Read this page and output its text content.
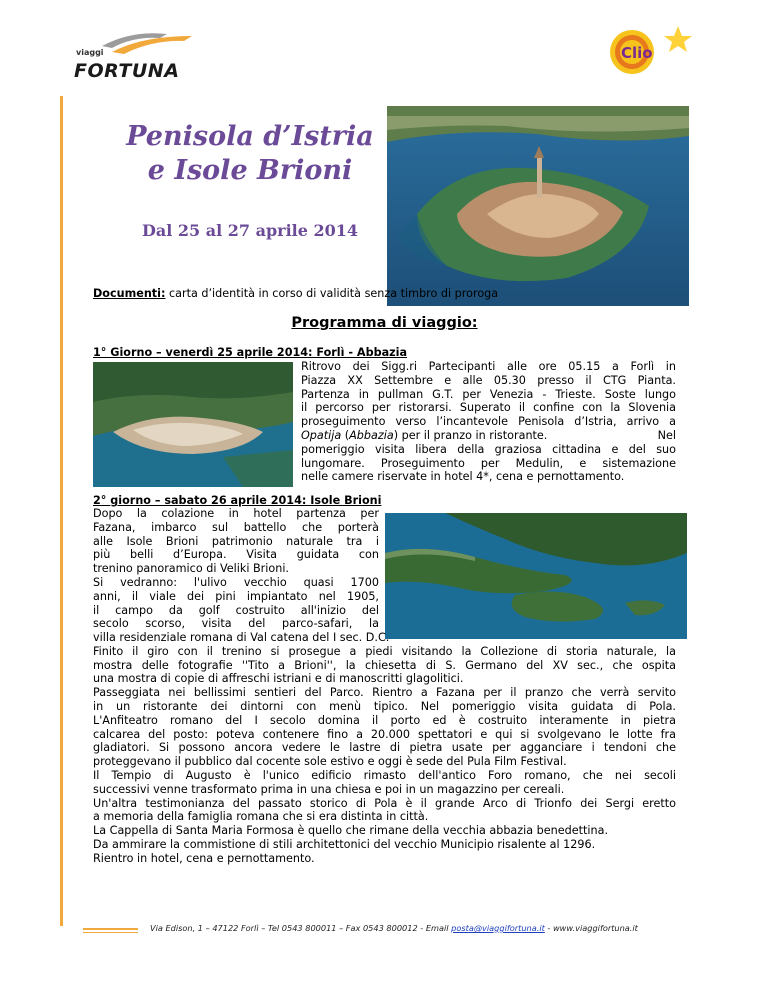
viaggi
FORTUNA
Clio
Penisola d’Istria
e Isole Brioni
Dal 25 al 27 aprile 2014
Documenti: carta d’identità in corso di validità senza timbro di proroga
Programma di viaggio:
1° Giorno – venerdì 25 aprile 2014: Forlì - Abbazia
Ritrovo dei Sigg.ri Partecipanti alle ore 05.15 a Forlì in
Piazza XX Settembre e alle 05.30 presso il CTG Pianta.
Partenza in pullman G.T. per Venezia - Trieste. Soste lungo
il percorso per ristorarsi. Superato il confine con la Slovenia
proseguimento verso l’incantevole Penisola d’Istria, arrivo a
Opatija (Abbazia) per il pranzo in ristorante.	Nel
pomeriggio visita libera della graziosa cittadina e del suo
lungomare. Proseguimento per Medulin, e sistemazione
nelle camere riservate in hotel 4*, cena e pernottamento.
2° giorno – sabato 26 aprile 2014: Isole Brioni
Dopo la colazione in hotel partenza per
Fazana, imbarco sul battello che porterà
alle Isole Brioni patrimonio naturale tra i
più belli d’Europa. Visita guidata con
trenino panoramico di Veliki Brioni.
Si vedranno: l'ulivo vecchio quasi 1700
anni, il viale dei pini impiantato nel 1905,
il campo da golf costruito all'inizio del
secolo scorso, visita del parco-safari, la
villa residenziale romana di Val catena del I sec. D.C.
Finito il giro con il trenino si prosegue a piedi visitando la Collezione di storia naturale, la
mostra delle fotografie ''Tito a Brioni'', la chiesetta di S. Germano del XV sec., che ospita
una mostra di copie di affreschi istriani e di manoscritti glagolitici.
Passeggiata nei bellissimi sentieri del Parco. Rientro a Fazana per il pranzo che verrà servito
in un ristorante dei dintorni con menù tipico. Nel pomeriggio visita guidata di Pola.
L'Anfiteatro romano del I secolo domina il porto ed è costruito interamente in pietra
calcarea del posto: poteva contenere fino a 20.000 spettatori e qui si svolgevano le lotte fra
gladiatori. Si possono ancora vedere le lastre di pietra usate per agganciare i tendoni che
proteggevano il pubblico dal cocente sole estivo e oggi è sede del Pula Film Festival.
Il Tempio di Augusto è l'unico edificio rimasto dell'antico Foro romano, che nei secoli
successivi venne trasformato prima in una chiesa e poi in un magazzino per cereali.
Un'altra testimonianza del passato storico di Pola è il grande Arco di Trionfo dei Sergi eretto
a memoria della famiglia romana che si era distinta in città.
La Cappella di Santa Maria Formosa è quello che rimane della vecchia abbazia benedettina.
Da ammirare la commistione di stili architettonici del vecchio Municipio risalente al 1296.
Rientro in hotel, cena e pernottamento.
Via Edison, 1 – 47122 Forlì – Tel 0543 800011 – Fax 0543 800012 - Email posta@viaggifortuna.it - www.viaggifortuna.it
